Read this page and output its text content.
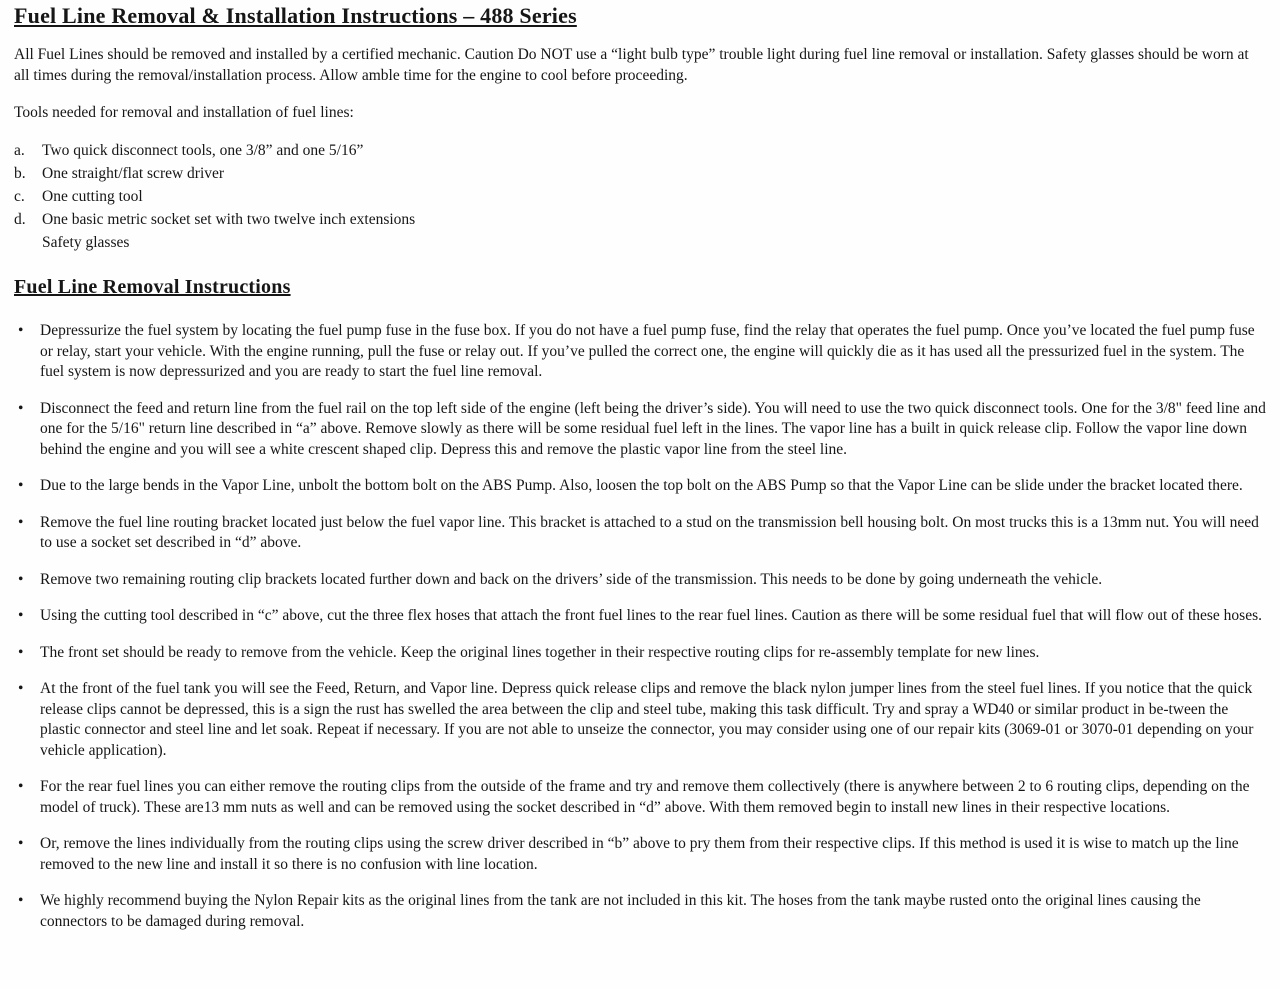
Fuel Line Removal & Installation Instructions – 488 Series

All Fuel Lines should be removed and installed by a certified mechanic. Caution Do NOT use a “light bulb type” trouble light during fuel line removal or installation. Safety glasses should be worn at all times during the removal/installation process. Allow amble time for the engine to cool before proceeding.

Tools needed for removal and installation of fuel lines:

a.	Two quick disconnect tools, one 3/8” and one 5/16”
b.	One straight/flat screw driver
c.	One cutting tool
d.	One basic metric socket set with two twelve inch extensions
Safety glasses
Fuel Line Removal Instructions
Depressurize the fuel system by locating the fuel pump fuse in the fuse box. If you do not have a fuel pump fuse, find the relay that operates the fuel pump. Once you’ve located the fuel pump fuse or relay, start your vehicle. With the engine running, pull the fuse or relay out. If you’ve pulled the correct one, the engine will quickly die as it has used all the pressurized fuel in the system. The fuel system is now depressurized and you are ready to start the fuel line removal.
Disconnect the feed and return line from the fuel rail on the top left side of the engine (left being the driver’s side). You will need to use the two quick disconnect tools. One for the 3/8" feed line and one for the 5/16" return line described in “a” above. Remove slowly as there will be some residual fuel left in the lines. The vapor line has a built in quick release clip. Follow the vapor line down behind the engine and you will see a white crescent shaped clip. Depress this and remove the plastic vapor line from the steel line.
Due to the large bends in the Vapor Line, unbolt the bottom bolt on the ABS Pump. Also, loosen the top bolt on the ABS Pump so that the Vapor Line can be slide under the bracket located there.
Remove the fuel line routing bracket located just below the fuel vapor line. This bracket is attached to a stud on the transmission bell housing bolt. On most trucks this is a 13mm nut. You will need to use a socket set described in “d” above.
Remove two remaining routing clip brackets located further down and back on the drivers’ side of the transmission. This needs to be done by going underneath the vehicle.
Using the cutting tool described in “c” above, cut the three flex hoses that attach the front fuel lines to the rear fuel lines. Caution as there will be some residual fuel that will flow out of these hoses.
The front set should be ready to remove from the vehicle. Keep the original lines together in their respective routing clips for re-assembly template for new lines.
At the front of the fuel tank you will see the Feed, Return, and Vapor line. Depress quick release clips and remove the black nylon jumper lines from the steel fuel lines. If you notice that the quick release clips cannot be depressed, this is a sign the rust has swelled the area between the clip and steel tube, making this task difficult. Try and spray a WD40 or similar product in be-tween the plastic connector and steel line and let soak. Repeat if necessary. If you are not able to unseize the connector, you may consider using one of our repair kits (3069-01 or 3070-01 depending on your vehicle application).
For the rear fuel lines you can either remove the routing clips from the outside of the frame and try and remove them collectively (there is anywhere between 2 to 6 routing clips, depending on the model of truck). These are13 mm nuts as well and can be removed using the socket described in “d” above. With them removed begin to install new lines in their respective locations.
Or, remove the lines individually from the routing clips using the screw driver described in “b” above to pry them from their respective clips. If this method is used it is wise to match up the line removed to the new line and install it so there is no confusion with line location.
We highly recommend buying the Nylon Repair kits as the original lines from the tank are not included in this kit. The hoses from the tank maybe rusted onto the original lines causing the connectors to be damaged during removal.
